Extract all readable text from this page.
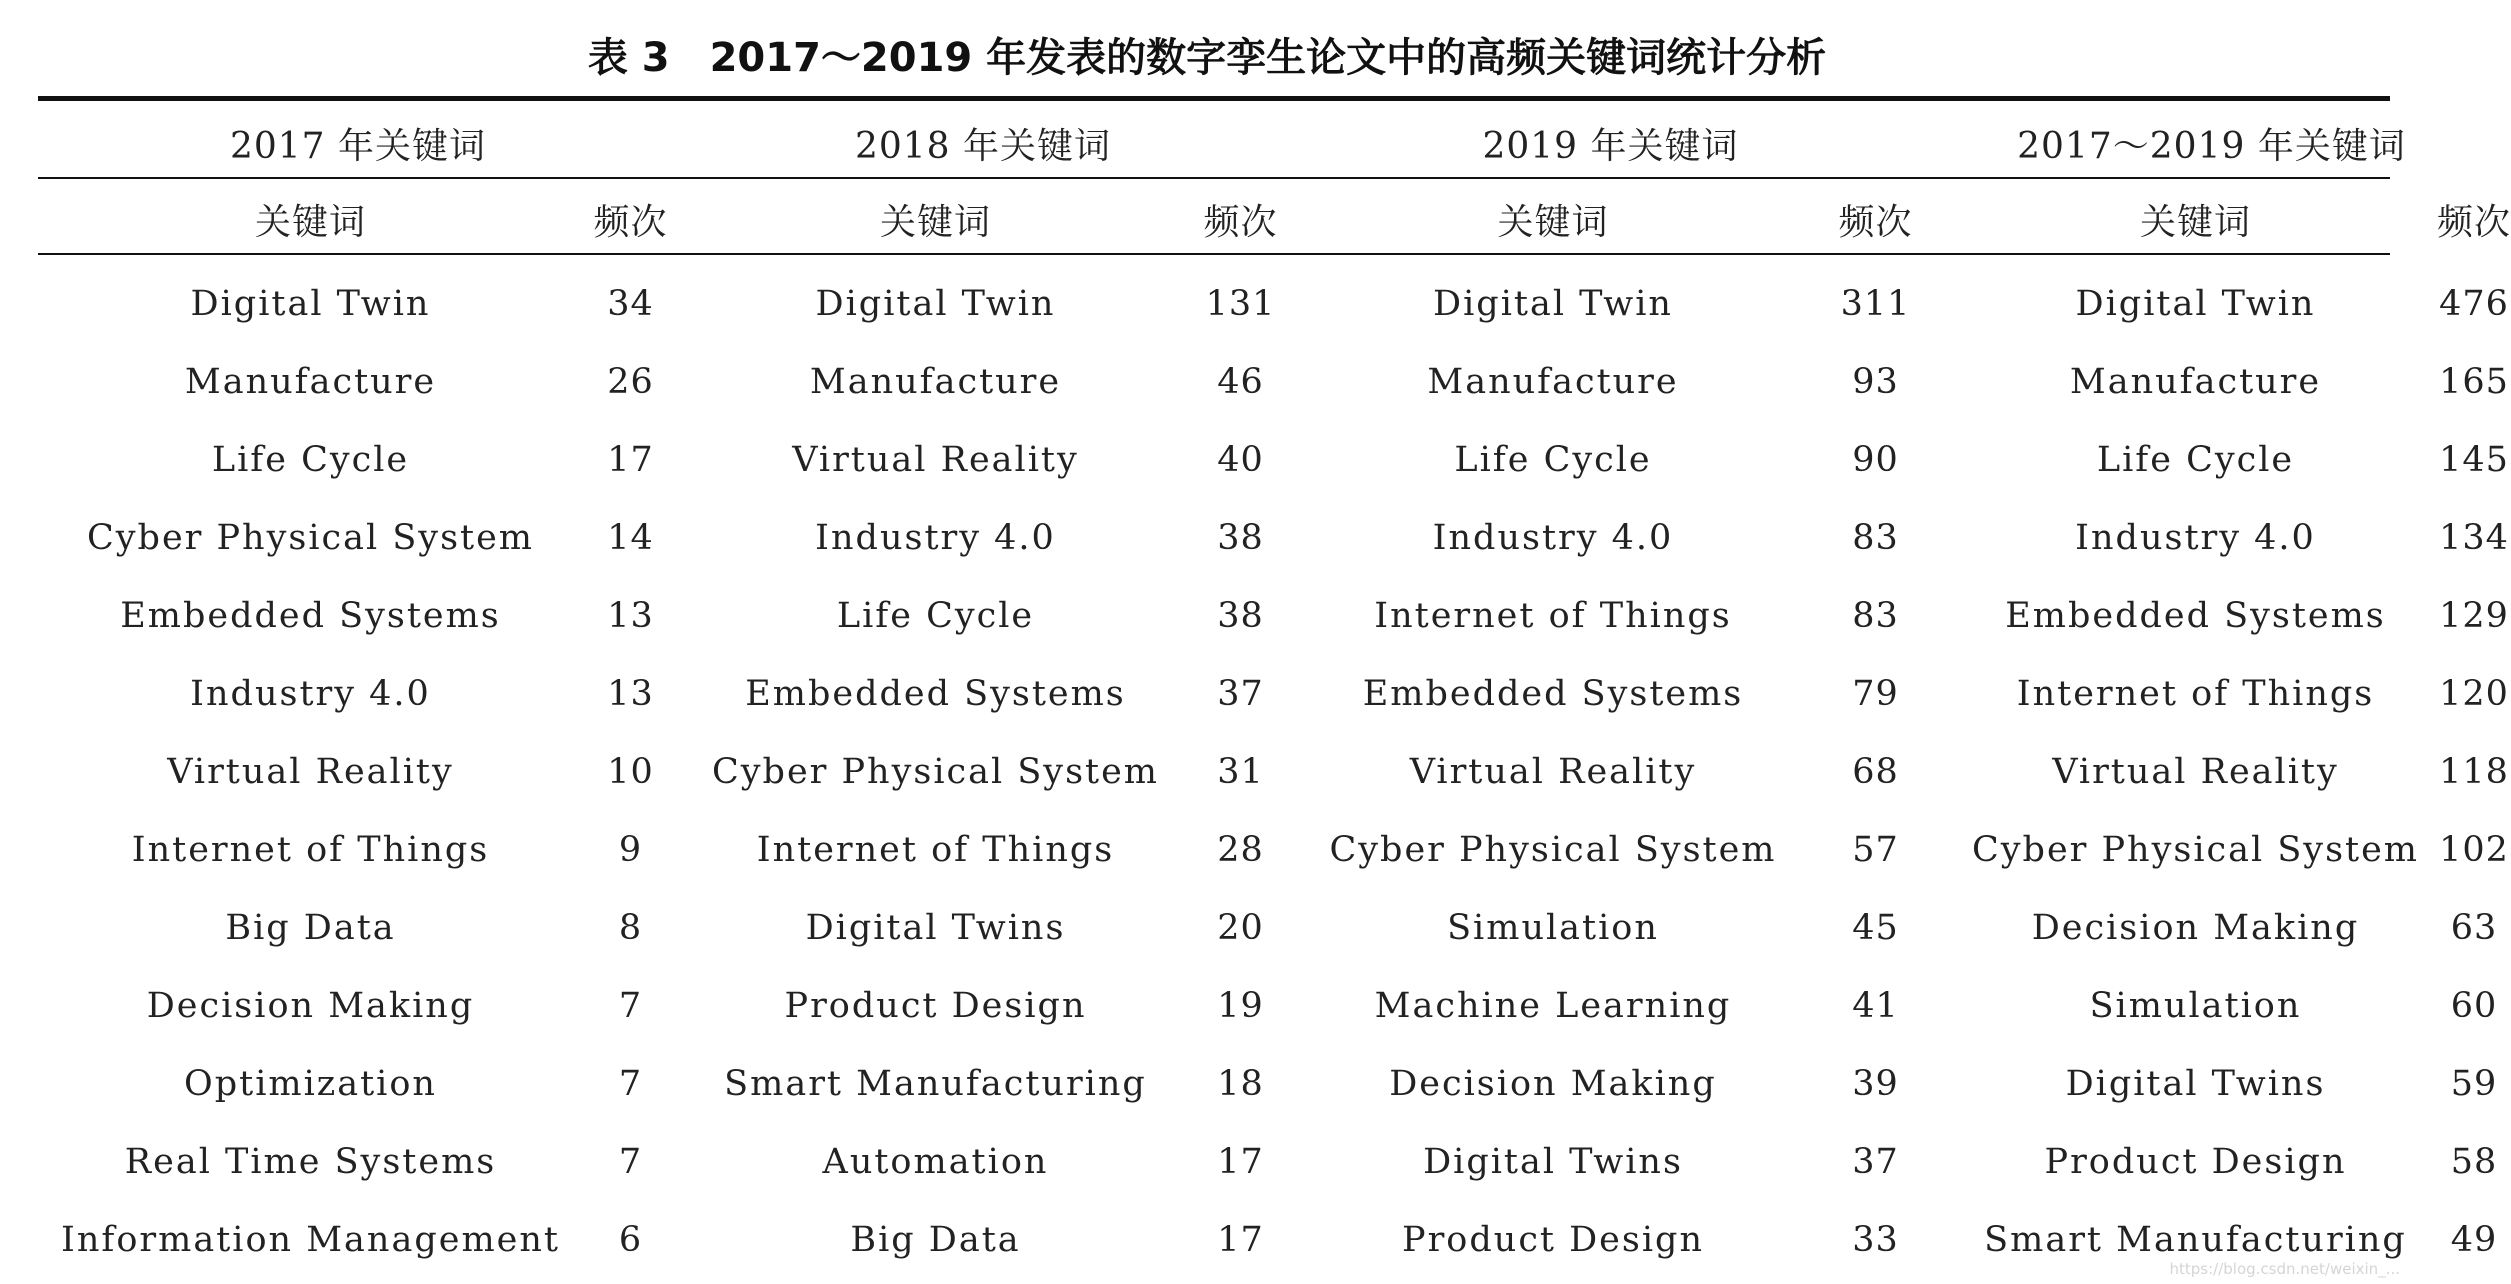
表 3　2017～2019 年发表的数字孪生论文中的高频关键词统计分析
2017 年关键词	2018 年关键词	2019 年关键词	2017～2019 年关键词
关键词	频次	关键词	频次	关键词	频次	关键词	频次
Digital Twin	34	Digital Twin	131	Digital Twin	311	Digital Twin	476
Manufacture	26	Manufacture	46	Manufacture	93	Manufacture	165
Life Cycle	17	Virtual Reality	40	Life Cycle	90	Life Cycle	145
Cyber Physical System	14	Industry 4.0	38	Industry 4.0	83	Industry 4.0	134
Embedded Systems	13	Life Cycle	38	Internet of Things	83	Embedded Systems	129
Industry 4.0	13	Embedded Systems	37	Embedded Systems	79	Internet of Things	120
Virtual Reality	10	Cyber Physical System	31	Virtual Reality	68	Virtual Reality	118
Internet of Things	9	Internet of Things	28	Cyber Physical System	57	Cyber Physical System 102
Big Data	8	Digital Twins	20	Simulation	45	Decision Making	63
Decision Making	7	Product Design	19	Machine Learning	41	Simulation	60
Optimization	7	Smart Manufacturing	18	Decision Making	39	Digital Twins	59
Real Time Systems	7	Automation	17	Digital Twins	37	Product Design	58
Information Management	6	Big Data	17	Product Design	33	Smart Manufacturing	49
https://blog.csdn.net/weixin_...
